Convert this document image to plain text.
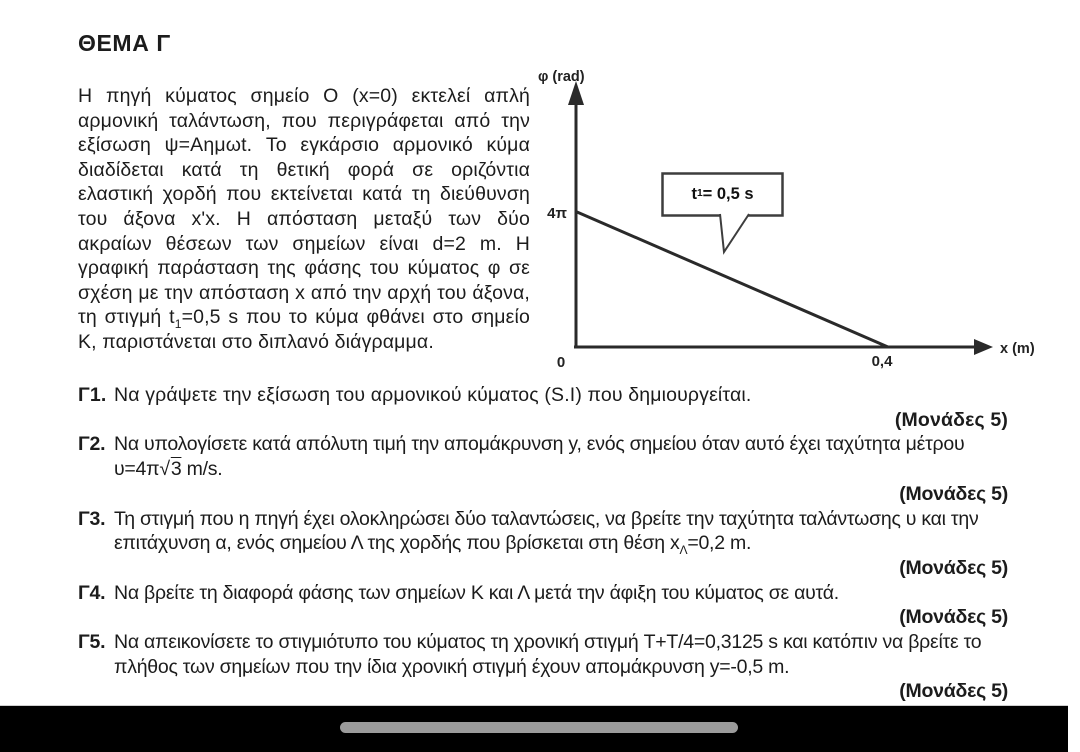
ΘΕΜΑ Γ
Η πηγή κύματος σημείο Ο (x=0) εκτελεί απλή αρμονική ταλάντωση, που περιγράφεται από την εξίσωση ψ=Αημωt. Το εγκάρσιο αρμονικό κύμα διαδίδεται κατά τη θετική φορά σε οριζόντια ελαστική χορδή που εκτείνεται κατά τη διεύθυνση του άξονα x'x. Η απόσταση μεταξύ των δύο ακραίων θέσεων των σημείων είναι d=2 m. Η γραφική παράσταση της φάσης του κύματος φ σε σχέση με την απόσταση x από την αρχή του άξονα, τη στιγμή $t_1=0,5$ s που το κύμα φθάνει στο σημείο Κ, παριστάνεται στο διπλανό διάγραμμα.
φ (rad)
4π
0	0,4
x (m)
t 1 = 0,5 s
Γ1. Να γράψετε την εξίσωση του αρμονικού κύματος (S.I) που δημιουργείται.
(Μονάδες 5)
Γ2. Να υπολογίσετε κατά απόλυτη τιμή την απομάκρυνση y, ενός σημείου όταν αυτό έχει ταχύτητα μέτρου υ=4π√3 m/s.
(Μονάδες 5)
Γ3. Τη στιγμή που η πηγή έχει ολοκληρώσει δύο ταλαντώσεις, να βρείτε την ταχύτητα ταλάντωσης υ και την επιτάχυνση α, ενός σημείου Λ της χορδής που βρίσκεται στη θέση $x_\Lambda=0,2$ m.
(Μονάδες 5)
Γ4. Να βρείτε τη διαφορά φάσης των σημείων Κ και Λ μετά την άφιξη του κύματος σε αυτά.
(Μονάδες 5)
Γ5. Να απεικονίσετε το στιγμιότυπο του κύματος τη χρονική στιγμή T+T/4=0,3125 s και κατόπιν να βρείτε το πλήθος των σημείων που την ίδια χρονική στιγμή έχουν απομάκρυνση y=-0,5 m.
(Μονάδες 5)
